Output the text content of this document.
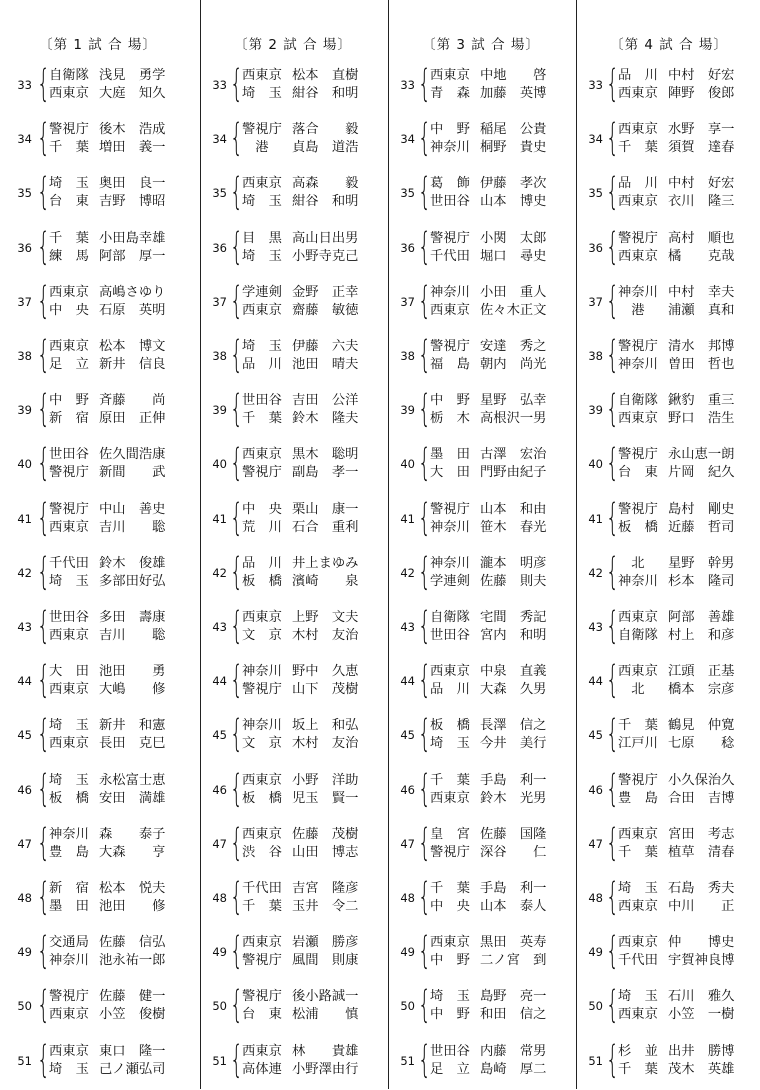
〔第 1 試 合 場〕
33 { 自衛隊 浅見　勇学
西東京 大庭　知久
34 { 警視庁 後木　浩成
千　葉 増田　義一
35 { 埼　玉 奥田　良一
台　東 吉野　博昭
36 { 千　葉 小田島幸雄
練　馬 阿部　厚一
37 { 西東京 高嶋さゆり
中　央 石原　英明
38 { 西東京 松本　博文
足　立 新井　信良
39 { 中　野 斉藤　　尚
新　宿 原田　正伸
40 { 世田谷 佐久間浩康
警視庁 新間　　武
41 { 警視庁 中山　善史
西東京 吉川　　聡
42 { 千代田 鈴木　俊雄
埼　玉 多部田好弘
43 { 世田谷 多田　壽康
西東京 吉川　　聡
44 { 大　田 池田　　勇
西東京 大嶋　　修
45 { 埼　玉 新井　和憲
西東京 長田　克巳
46 { 埼　玉 永松富士恵
板　橋 安田　満雄
47 { 神奈川 森　　泰子
豊　島 大森　　亨
48 { 新　宿 松本　悦夫
墨　田 池田　　修
49 { 交通局 佐藤　信弘
神奈川 池永祐一郎
50 { 警視庁 佐藤　健一
西東京 小笠　俊樹
51 { 西東京 東口　隆一
埼　玉 己ノ瀬弘司
〔第 2 試 合 場〕
33 { 西東京 松本　直樹
埼　玉 紺谷　和明
34 { 警視庁 落合　　毅
　港	貞島　道浩
35 { 西東京 高森　　毅
埼　玉 紺谷　和明
36 { 目　黒 高山日出男
埼　玉 小野寺克己
37 { 学連剣 金野　正幸
西東京 齋藤　敏徳
38 { 埼　玉 伊藤　六夫
品　川 池田　晴夫
39 { 世田谷 吉田　公洋
千　葉 鈴木　隆夫
40 { 西東京 黒木　聡明
警視庁 副島　孝一
41 { 中　央 栗山　康一
荒　川 石合　重利
42 { 品　川 井上まゆみ
板　橋 濱崎　　泉
43 { 西東京 上野　文夫
文　京 木村　友治
44 { 神奈川 野中　久恵
警視庁 山下　茂樹
45 { 神奈川 坂上　和弘
文　京 木村　友治
46 { 西東京 小野　洋助
板　橋 児玉　賢一
47 { 西東京 佐藤　茂樹
渋　谷 山田　博志
48 { 千代田 吉宮　隆彦
千　葉 玉井　令二
49 { 西東京 岩瀬　勝彦
警視庁 風間　則康
50 { 警視庁 後小路誠一
台　東 松浦　　慎
51 { 西東京 林　　貴雄
高体連 小野澤由行
〔第 3 試 合 場〕
33 { 西東京 中地　　啓
青　森 加藤　英博
34 { 中　野 稲尾　公貴
神奈川 桐野　貴史
35 { 葛　飾 伊藤　孝次
世田谷 山本　博史
36 { 警視庁 小関　太郎
千代田 堀口　尋史
37 { 神奈川 小田　重人
西東京 佐々木正文
38 { 警視庁 安達　秀之
福　島 朝内　尚光
39 { 中　野 星野　弘幸
栃　木 高根沢一男
40 { 墨　田 古澤　宏治
大　田 門野由紀子
41 { 警視庁 山本　和由
神奈川 笹木　春光
42 { 神奈川 瀧本　明彦
学連剣 佐藤　則夫
43 { 自衛隊 宅間　秀記
世田谷 宮内　和明
44 { 西東京 中泉　直義
品　川 大森　久男
45 { 板　橋 長澤　信之
埼　玉 今井　美行
46 { 千　葉 手島　利一
西東京 鈴木　光男
47 { 皇　宮 佐藤　国隆
警視庁 深谷　　仁
48 { 千　葉 手島　利一
中　央 山本　泰人
49 { 西東京 黒田　英寿
中　野 二ノ宮　到
50 { 埼　玉 島野　亮一
中　野 和田　信之
51 { 世田谷 内藤　常男
足　立 島崎　厚二
〔第 4 試 合 場〕
33 { 品　川 中村　好宏
西東京 陣野　俊郎
34 { 西東京 水野　享一
千　葉 須賀　達春
35 { 品　川 中村　好宏
西東京 衣川　隆三
36 { 警視庁 高村　順也
西東京 橘　　克哉
37 { 神奈川 中村　幸夫
　港	浦瀬　真和
38 { 警視庁 清水　邦博
神奈川 曽田　哲也
39 { 自衛隊 鍬豹　重三
西東京 野口　浩生
40 { 警視庁 永山恵一朗
台　東 片岡　紀久
41 { 警視庁 島村　剛史
板　橋 近藤　哲司
42 { 　北	星野　幹男
神奈川 杉本　隆司
43 { 西東京 阿部　善雄
自衛隊 村上　和彦
44 { 西東京 江頭　正基
　北	橋本　宗彦
45 { 千　葉 鶴見　仲寛
江戸川 七原　　稔
46 { 警視庁 小久保治久
豊　島 合田　吉博
47 { 西東京 宮田　考志
千　葉 植草　清春
48 { 埼　玉 石島　秀夫
西東京 中川　　正
49 { 西東京 仲　　博史
千代田 宇賀神良博
50 { 埼　玉 石川　雅久
西東京 小笠　一樹
51 { 杉　並 出井　勝博
千　葉 茂木　英雄
